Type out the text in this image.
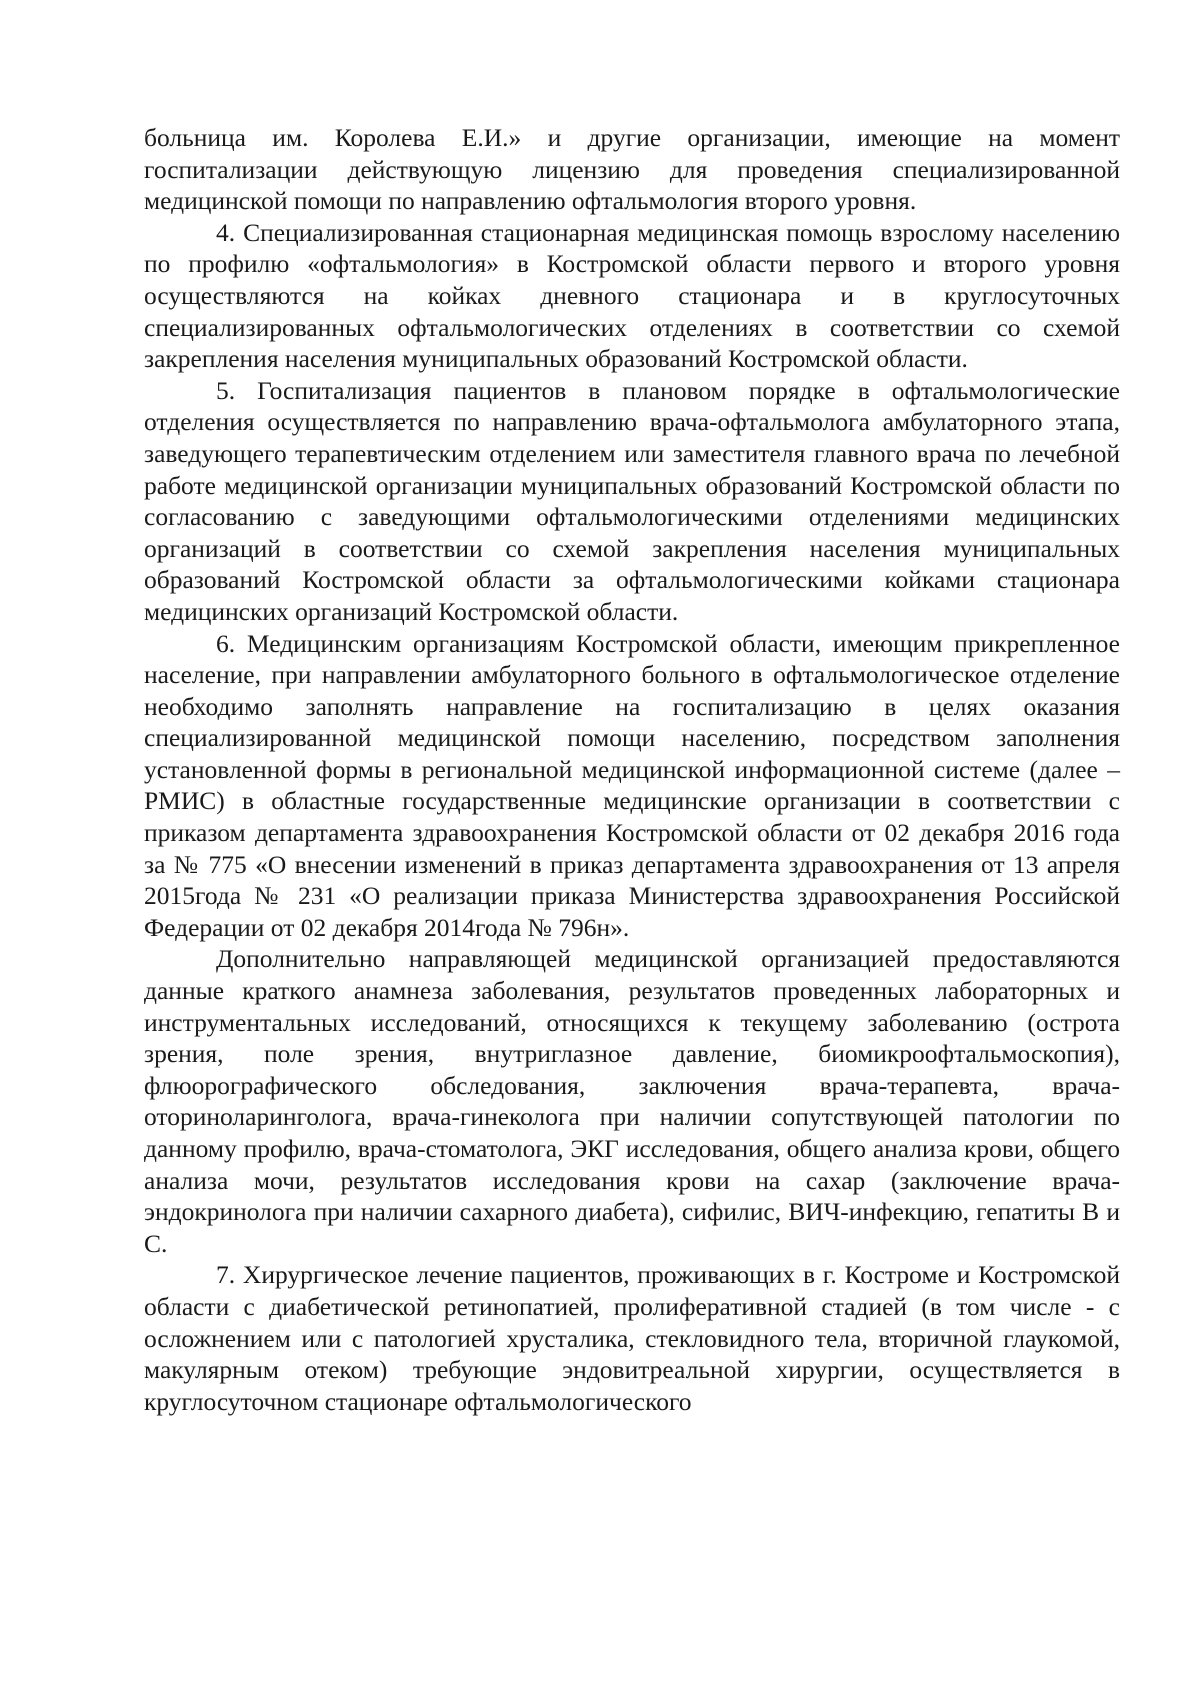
больница им. Королева Е.И.» и другие организации, имеющие на момент госпитализации действующую лицензию для проведения специализированной медицинской помощи по направлению офтальмология второго уровня.

4. Специализированная стационарная медицинская помощь взрослому населению по профилю «офтальмология» в Костромской области первого и второго уровня осуществляются на койках дневного стационара и в круглосуточных специализированных офтальмологических отделениях в соответствии со схемой закрепления населения муниципальных образований Костромской области.

5. Госпитализация пациентов в плановом порядке в офтальмологические отделения осуществляется по направлению врача-офтальмолога амбулаторного этапа, заведующего терапевтическим отделением или заместителя главного врача по лечебной работе медицинской организации муниципальных образований Костромской области по согласованию с заведующими офтальмологическими отделениями медицинских организаций в соответствии со схемой закрепления населения муниципальных образований Костромской области за офтальмологическими койками стационара медицинских организаций Костромской области.

6. Медицинским организациям Костромской области, имеющим прикрепленное население, при направлении амбулаторного больного в офтальмологическое отделение необходимо заполнять направление на госпитализацию в целях оказания специализированной медицинской помощи населению, посредством заполнения установленной формы в региональной медицинской информационной системе (далее – РМИС) в областные государственные медицинские организации в соответствии с приказом департамента здравоохранения Костромской области от 02 декабря 2016 года за № 775 «О внесении изменений в приказ департамента здравоохранения от 13 апреля 2015года № 231 «О реализации приказа Министерства здравоохранения Российской Федерации от 02 декабря 2014года № 796н».

Дополнительно направляющей медицинской организацией предоставляются данные краткого анамнеза заболевания, результатов проведенных лабораторных и инструментальных исследований, относящихся к текущему заболеванию (острота зрения, поле зрения, внутриглазное давление, биомикроофтальмоскопия), флюорографического обследования, заключения врача-терапевта, врача-оториноларинголога, врача-гинеколога при наличии сопутствующей патологии по данному профилю, врача-стоматолога, ЭКГ исследования, общего анализа крови, общего анализа мочи, результатов исследования крови на сахар (заключение врача-эндокринолога при наличии сахарного диабета), сифилис, ВИЧ-инфекцию, гепатиты В и С.

7. Хирургическое лечение пациентов, проживающих в г. Костроме и Костромской области с диабетической ретинопатией, пролиферативной стадией (в том числе - с осложнением или с патологией хрусталика, стекловидного тела, вторичной глаукомой, макулярным отеком) требующие эндовитреальной хирургии, осуществляется в круглосуточном стационаре офтальмологического
